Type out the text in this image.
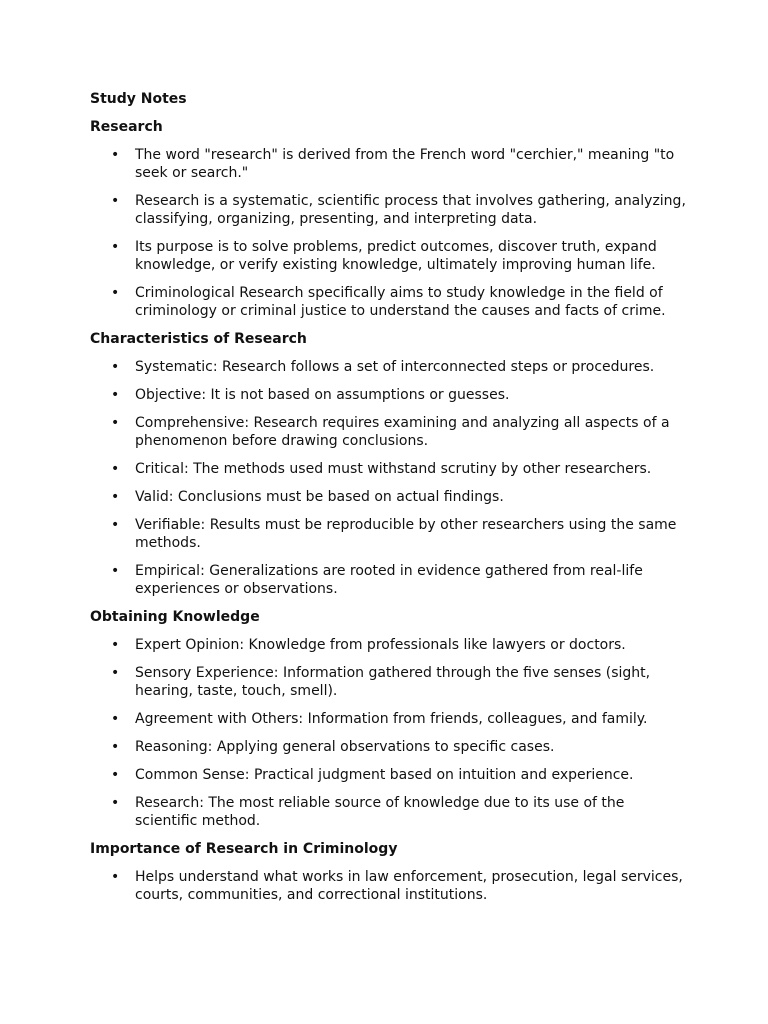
Study Notes
Research
• The word "research" is derived from the French word "cerchier," meaning "to seek or search."
• Research is a systematic, scientific process that involves gathering, analyzing, classifying, organizing, presenting, and interpreting data.
• Its purpose is to solve problems, predict outcomes, discover truth, expand knowledge, or verify existing knowledge, ultimately improving human life.
• Criminological Research specifically aims to study knowledge in the field of criminology or criminal justice to understand the causes and facts of crime.
Characteristics of Research
• Systematic: Research follows a set of interconnected steps or procedures.
• Objective: It is not based on assumptions or guesses.
• Comprehensive: Research requires examining and analyzing all aspects of a phenomenon before drawing conclusions.
• Critical: The methods used must withstand scrutiny by other researchers.
• Valid: Conclusions must be based on actual findings.
• Verifiable: Results must be reproducible by other researchers using the same methods.
• Empirical: Generalizations are rooted in evidence gathered from real-life experiences or observations.
Obtaining Knowledge
• Expert Opinion: Knowledge from professionals like lawyers or doctors.
• Sensory Experience: Information gathered through the five senses (sight, hearing, taste, touch, smell).
• Agreement with Others: Information from friends, colleagues, and family.
• Reasoning: Applying general observations to specific cases.
• Common Sense: Practical judgment based on intuition and experience.
• Research: The most reliable source of knowledge due to its use of the scientific method.
Importance of Research in Criminology
• Helps understand what works in law enforcement, prosecution, legal services, courts, communities, and correctional institutions.
